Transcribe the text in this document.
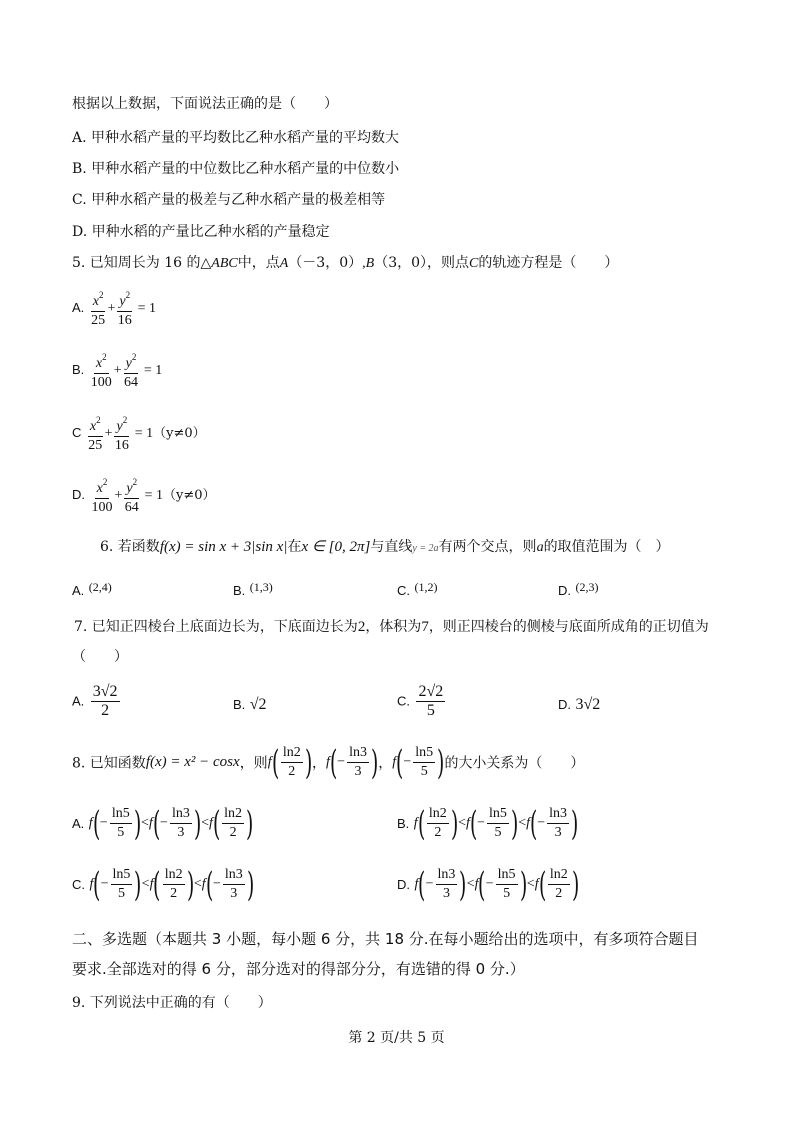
根据以上数据，下面说法正确的是（　　）
A. 甲种水稻产量的平均数比乙种水稻产量的平均数大
B. 甲种水稻产量的中位数比乙种水稻产量的中位数小
C. 甲种水稻产量的极差与乙种水稻产量的极差相等
D. 甲种水稻的产量比乙种水稻的产量稳定
5. 已知周长为 16 的△ABC中，点A（－3，0）,B（3，0），则点C的轨迹方程是（　　）
A. $\frac{x^2}{25} + \frac{y^2}{16} = 1$
B. $\frac{x^2}{100} + \frac{y^2}{64} = 1$
C $\frac{x^2}{25} + \frac{y^2}{16} = 1(y\ne 0)$
D. $\frac{x^2}{100} + \frac{y^2}{64} = 1(y\ne 0)$
6. 若函数f(x) = sin x + 3|sin x|在x ∈ [0, 2π]与直线y = 2a有两个交点，则a的取值范围为（　）
A. (2,4)	B. (1,3)	C. (1,2)	D. (2,3)
7. 已知正四棱台上底面边长为，下底面边长为2，体积为7，则正四棱台的侧棱与底面所成角的正切值为
（　　）
A. $\frac{3√2}{2}$	B. √2	C. $\frac{2√2}{5}$	D. 3√2
8. 已知函数f(x) = x² − cosx，则$f( \frac{\ln 2}{2}$ )，$f(- \frac{\ln 3}{3}$ )，$f(- \frac{\ln 5}{5}$ )的大小关系为（　　）
A. $f(- \frac{\ln 5}{5} )<f(- \frac{\ln 3}{3} )<f( \frac{\ln 2}{2}$ )	B. $f( \frac{\ln 2}{2} )<f(- \frac{\ln 5}{5} )<f(- \frac{\ln 3}{3}$ )
C. $f(- \frac{\ln 5}{5} )<f( \frac{\ln 2}{2} )<f(- \frac{\ln 3}{3}$ )	D. $f(- \frac{\ln 3}{3} )<f(- \frac{\ln 5}{5} )<f( \frac{\ln 2}{2}$ )
二、多选题（本题共 3 小题，每小题 6 分，共 18 分.在每小题给出的选项中，有多项符合题目
要求.全部选对的得 6 分，部分选对的得部分分，有选错的得 0 分.）
9. 下列说法中正确的有（　　）
第 2 页/共 5 页
